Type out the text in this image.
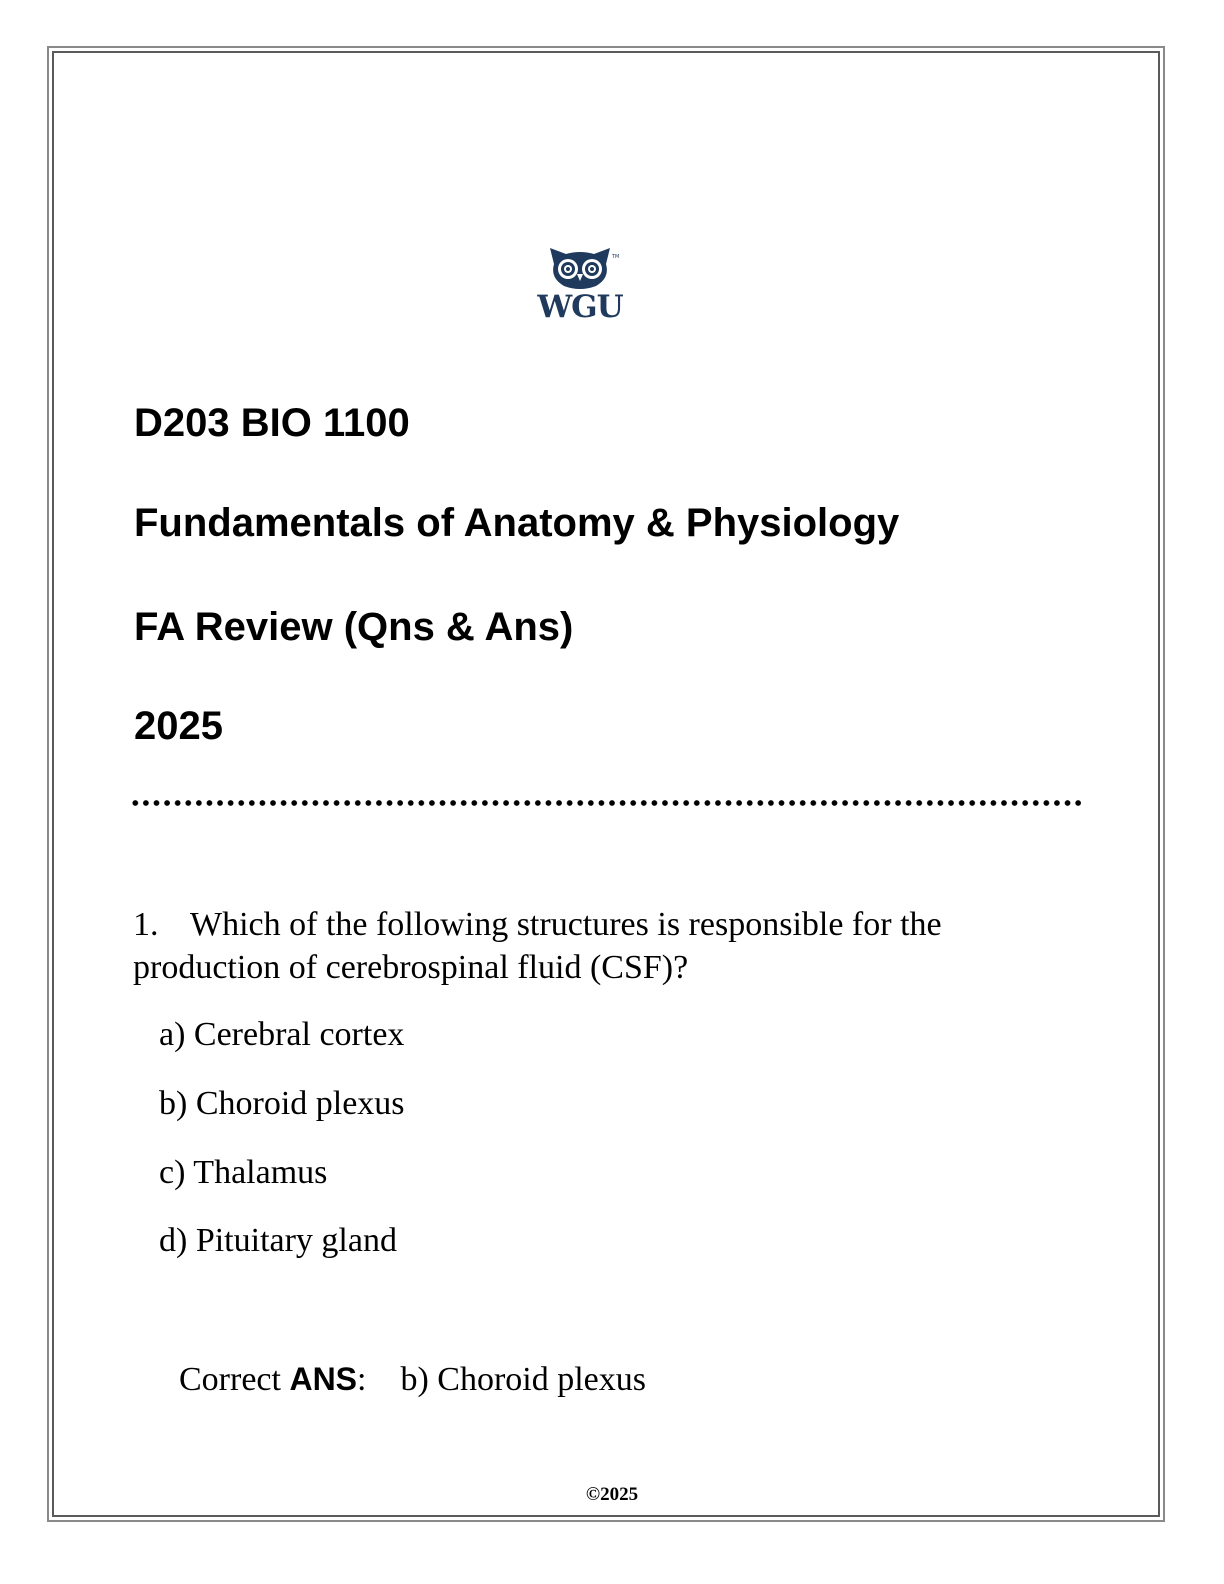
TM
WGU
D203 BIO 1100
Fundamentals of Anatomy & Physiology
FA Review (Qns & Ans)
2025
1. Which of the following structures is responsible for the production of cerebrospinal fluid (CSF)?
a) Cerebral cortex
b) Choroid plexus
c) Thalamus
d) Pituitary gland
Correct ANS: b) Choroid plexus
©2025
